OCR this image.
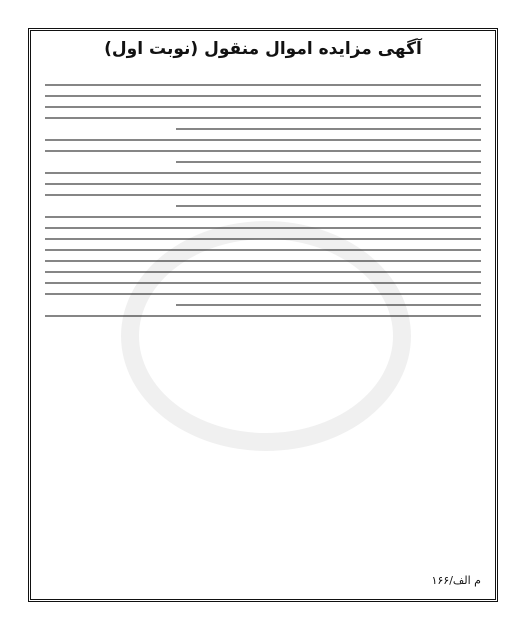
آگهی مزایده اموال منقول (نوبت اول)
م الف/۱۶۶
